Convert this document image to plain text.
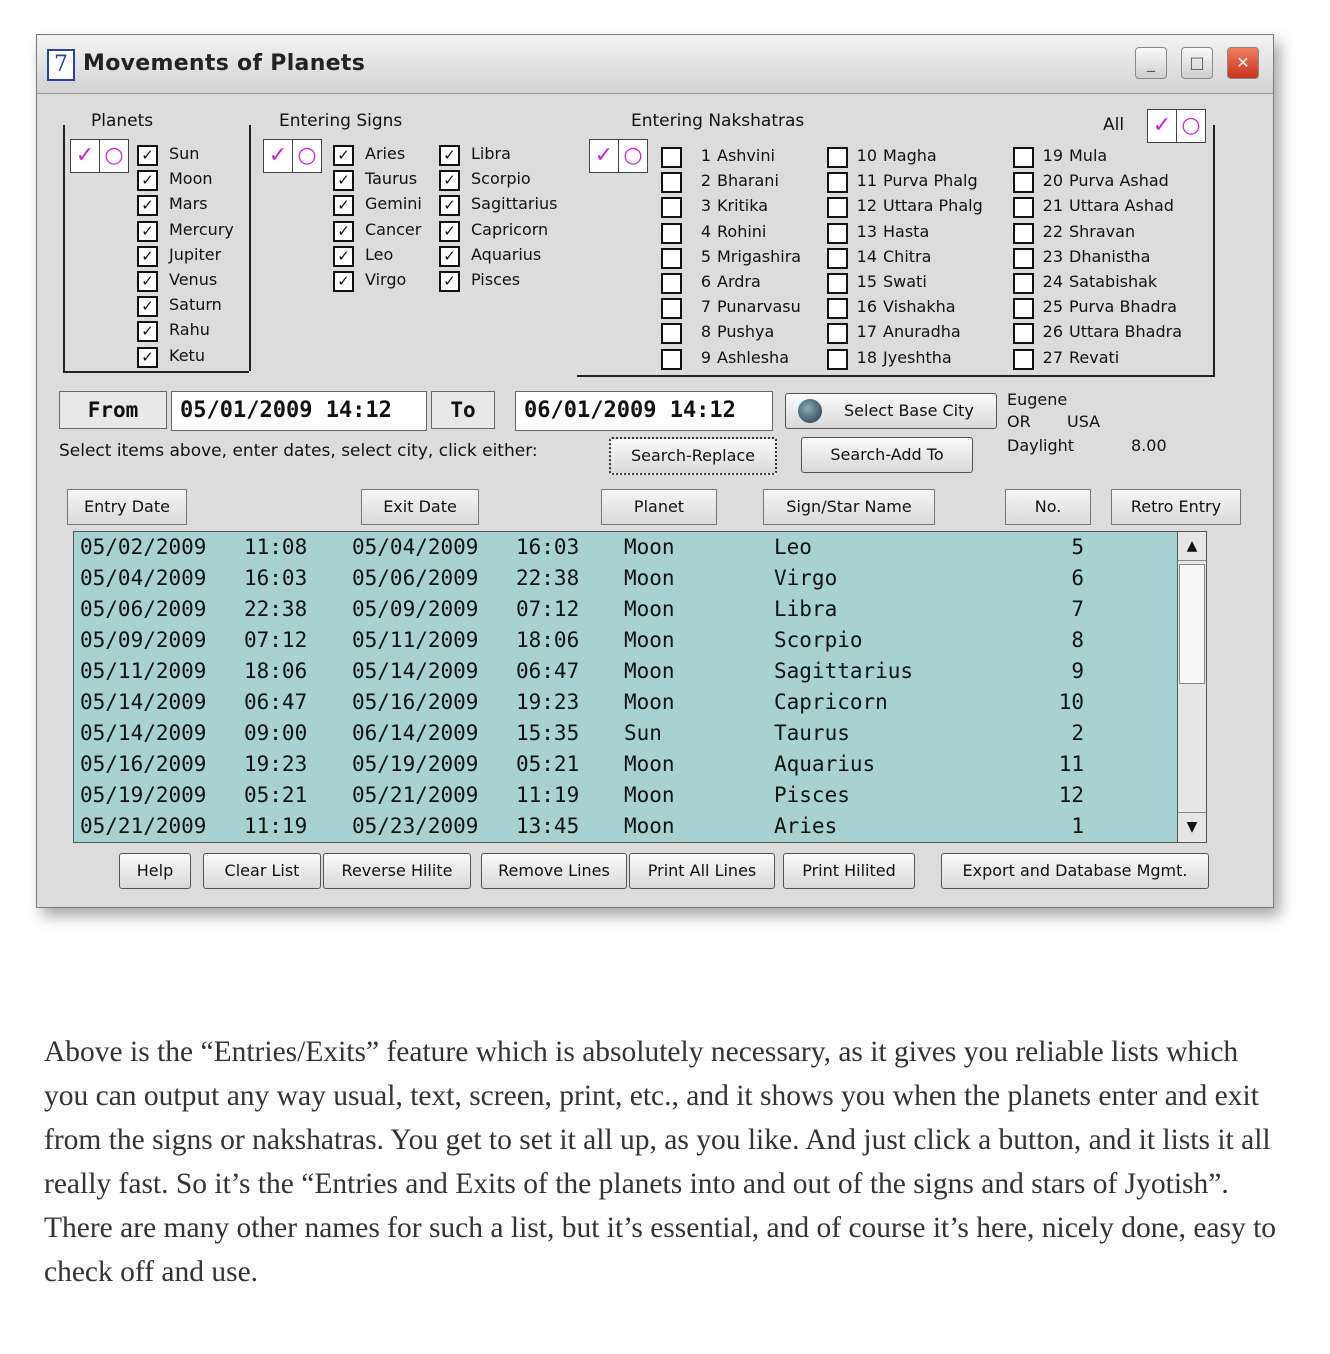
7 Movements of Planets	_	□	✕
Planets
✓ ○ ✓ Sun
✓ Moon
✓ Mars
✓ Mercury
✓ Jupiter
✓ Venus
✓ Saturn
✓ Rahu
✓ Ketu
Entering Signs
✓ ○ ✓ Aries
✓ Taurus
✓ Gemini
✓ Cancer
✓ Leo
✓ Virgo
✓ Libra
✓ Scorpio
✓ Sagittarius
✓ Capricorn
✓ Aquarius
✓ Pisces
Entering Nakshatras	All ✓ ○
✓ ○	1 Ashvini
2 Bharani
3 Kritika
4 Rohini
5 Mrigashira
6 Ardra
7 Punarvasu
8 Pushya
9 Ashlesha
10 Magha
11 Purva Phalg
12 Uttara Phalg
13 Hasta
14 Chitra
15 Swati
16 Vishakha
17 Anuradha
18 Jyeshtha
19 Mula
20 Purva Ashad
21 Uttara Ashad
22 Shravan
23 Dhanistha
24 Satabishak
25 Purva Bhadra
26 Uttara Bhadra
27 Revati
From	05/01/2009 14:12	To	06/01/2009 14:12	Select Base City
Eugene
OR USA
Daylight	8.00
Select items above, enter dates, select city, click either:	Search-Replace	Search-Add To
Entry Date	Exit Date	Planet	Sign/Star Name	No.	Retro Entry
05/02/2009 11:08 05/04/2009 16:03 Moon	Leo	5
05/04/2009 16:03 05/06/2009 22:38 Moon	Virgo	6
05/06/2009 22:38 05/09/2009 07:12 Moon	Libra	7
05/09/2009 07:12 05/11/2009 18:06 Moon	Scorpio	8
05/11/2009 18:06 05/14/2009 06:47 Moon	Sagittarius	9
05/14/2009 06:47 05/16/2009 19:23 Moon	Capricorn	10
05/14/2009 09:00 06/14/2009 15:35 Sun	Taurus	2
05/16/2009 19:23 05/19/2009 05:21 Moon	Aquarius	11
05/19/2009 05:21 05/21/2009 11:19 Moon	Pisces	12
05/21/2009 11:19 05/23/2009 13:45 Moon	Aries	1
▲
▼
Help	Clear List	Reverse Hilite	Remove Lines	Print All Lines	Print Hilited	Export and Database Mgmt.
Above is the “Entries/Exits” feature which is absolutely necessary, as it gives you reliable lists which you can output any way usual, text, screen, print, etc., and it shows you when the planets enter and exit from the signs or nakshatras. You get to set it all up, as you like. And just click a button, and it lists it all really fast. So it’s the “Entries and Exits of the planets into and out of the signs and stars of Jyotish”. There are many other names for such a list, but it’s essential, and of course it’s here, nicely done, easy to check off and use.
